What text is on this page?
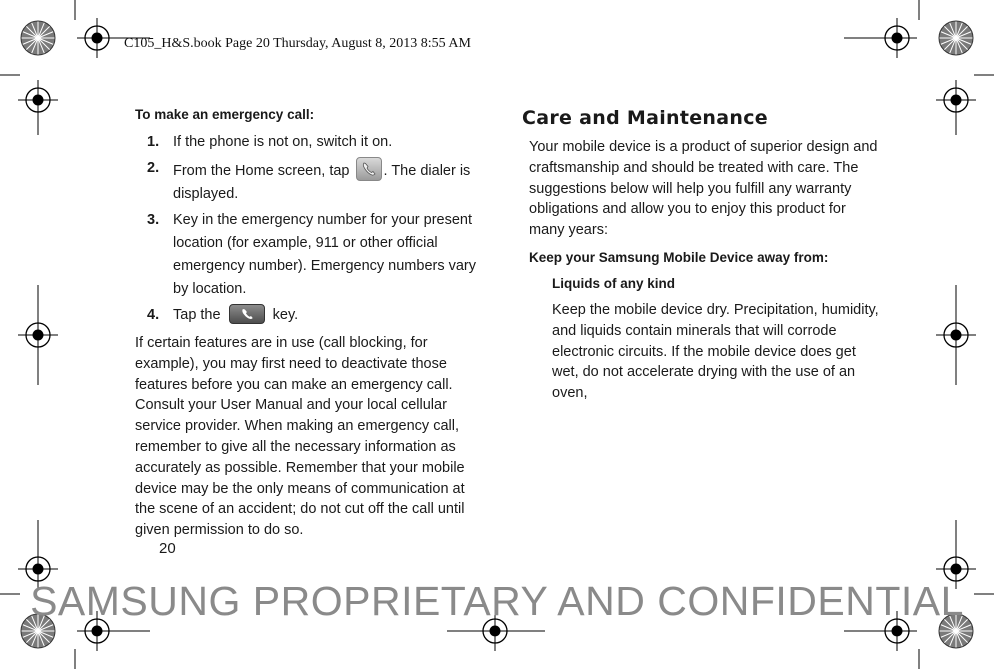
C105_H&S.book Page 20 Thursday, August 8, 2013 8:55 AM
To make an emergency call:
1. If the phone is not on, switch it on.
2. From the Home screen, tap . The dialer is displayed.
3. Key in the emergency number for your present location (for example, 911 or other official emergency number). Emergency numbers vary by location.
4. Tap the	key.

If certain features are in use (call blocking, for example), you may first need to deactivate those features before you can make an emergency call. Consult your User Manual and your local cellular service provider. When making an emergency call, remember to give all the necessary information as accurately as possible. Remember that your mobile device may be the only means of communication at the scene of an accident; do not cut off the call until given permission to do so.

Care and Maintenance

Your mobile device is a product of superior design and craftsmanship and should be treated with care. The suggestions below will help you fulfill any warranty obligations and allow you to enjoy this product for many years:

Keep your Samsung Mobile Device away from:
Liquids of any kind

Keep the mobile device dry. Precipitation, humidity, and liquids contain minerals that will corrode electronic circuits. If the mobile device does get wet, do not accelerate drying with the use of an oven,

20
SAMSUNG PROPRIETARY AND CONFIDENTIAL
